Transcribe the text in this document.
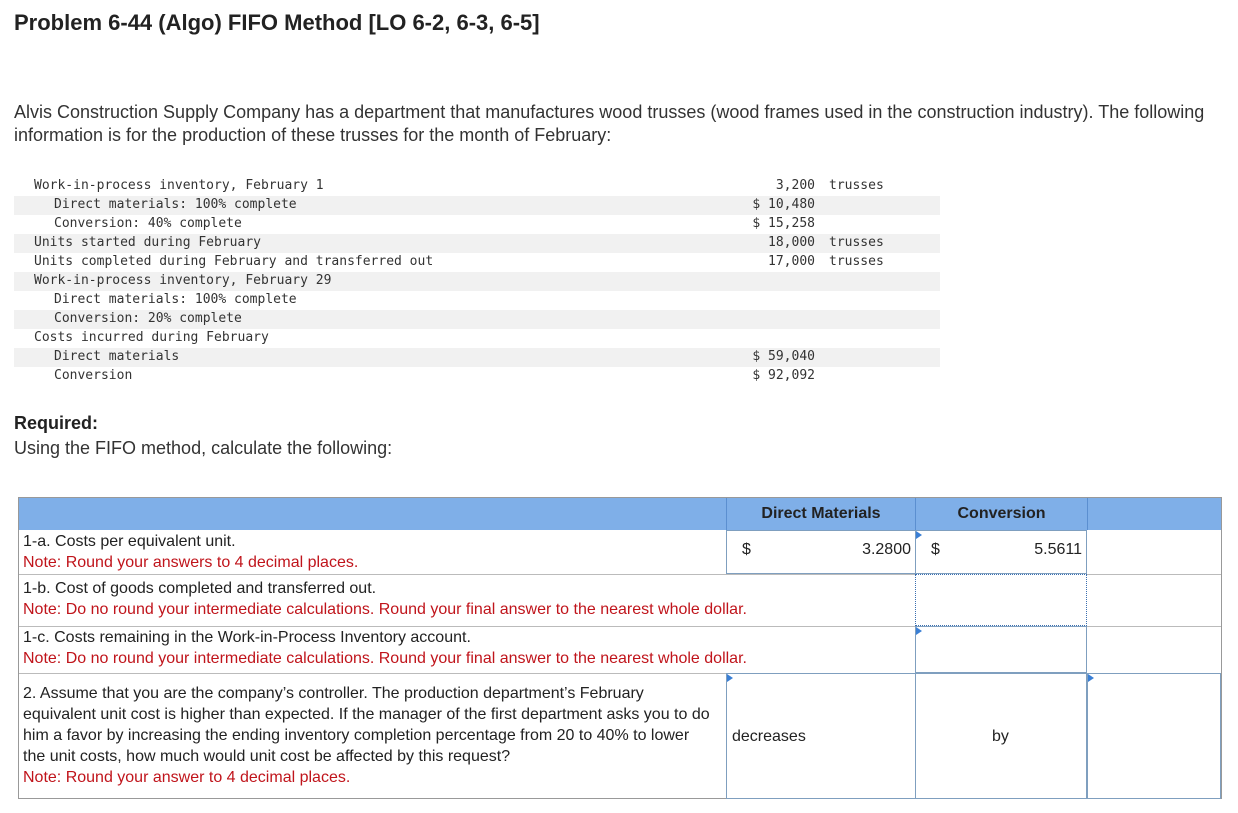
Problem 6-44 (Algo) FIFO Method [LO 6-2, 6-3, 6-5]
Alvis Construction Supply Company has a department that manufactures wood trusses (wood frames used in the construction industry). The following information is for the production of these trusses for the month of February:
Work-in-process inventory, February 1	3,200 trusses
Direct materials: 100% complete	$ 10,480
Conversion: 40% complete	$ 15,258
Units started during February	18,000 trusses
Units completed during February and transferred out	17,000 trusses
Work-in-process inventory, February 29
Direct materials: 100% complete
Conversion: 20% complete
Costs incurred during February
Direct materials	$ 59,040
Conversion	$ 92,092
Required:
Using the FIFO method, calculate the following:
Direct Materials	Conversion
1-a. Costs per equivalent unit.
Note: Round your answers to 4 decimal places.
$	3.2800 $	5.5611
1-b. Cost of goods completed and transferred out.
Note: Do no round your intermediate calculations. Round your final answer to the nearest whole dollar.
1-c. Costs remaining in the Work-in-Process Inventory account.
Note: Do no round your intermediate calculations. Round your final answer to the nearest whole dollar.
2. Assume that you are the company’s controller. The production department’s February equivalent unit cost is higher than expected. If the manager of the first department asks you to do him a favor by increasing the ending inventory completion percentage from 20 to 40% to lower the unit costs, how much would unit cost be affected by this request?
Note: Round your answer to 4 decimal places.
decreases	by
